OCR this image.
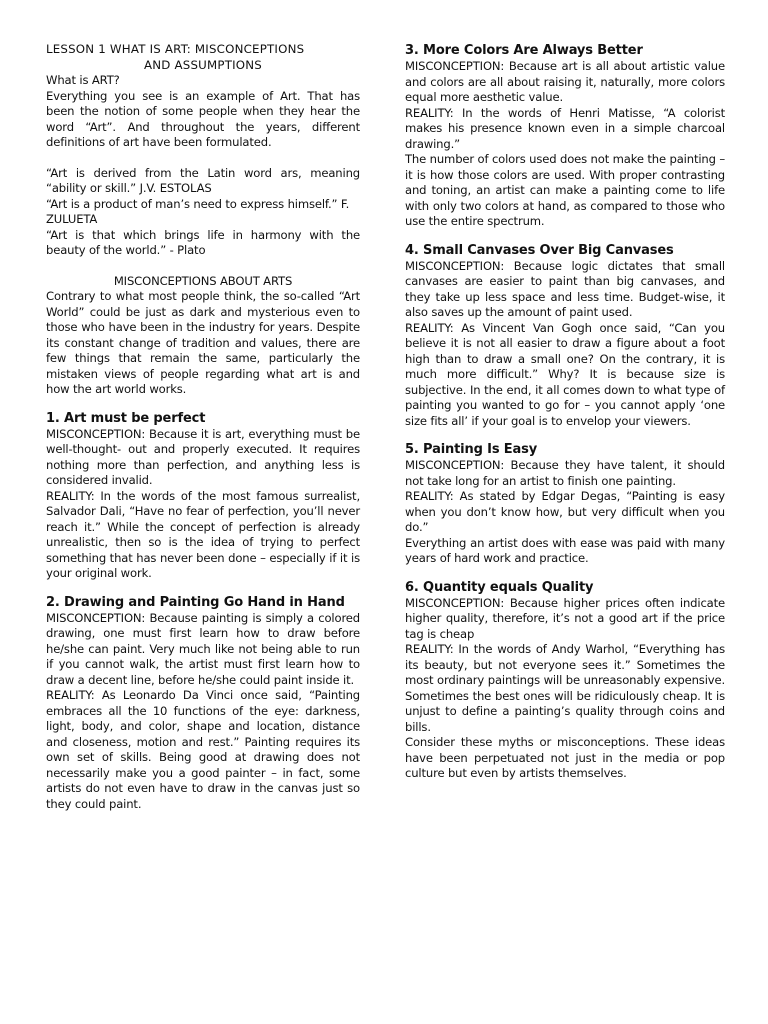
LESSON 1 WHAT IS ART: MISCONCEPTIONS
AND ASSUMPTIONS

What is ART?

Everything you see is an example of Art. That has been the notion of some people when they hear the word “Art”. And throughout the years, different definitions of art have been formulated.

“Art is derived from the Latin word ars, meaning “ability or skill.” J.V. ESTOLAS

“Art is a product of man’s need to express himself.” F. ZULUETA

“Art is that which brings life in harmony with the beauty of the world.” - Plato

MISCONCEPTIONS ABOUT ARTS

Contrary to what most people think, the so-called “Art World” could be just as dark and mysterious even to those who have been in the industry for years. Despite its constant change of tradition and values, there are few things that remain the same, particularly the mistaken views of people regarding what art is and how the art world works.

1. Art must be perfect

MISCONCEPTION: Because it is art, everything must be well-thought- out and properly executed. It requires nothing more than perfection, and anything less is considered invalid.

REALITY: In the words of the most famous surrealist, Salvador Dali, “Have no fear of perfection, you’ll never reach it.” While the concept of perfection is already unrealistic, then so is the idea of trying to perfect something that has never been done – especially if it is your original work.

2. Drawing and Painting Go Hand in Hand

MISCONCEPTION: Because painting is simply a colored drawing, one must first learn how to draw before he/she can paint. Very much like not being able to run if you cannot walk, the artist must first learn how to draw a decent line, before he/she could paint inside it.

REALITY: As Leonardo Da Vinci once said, “Painting embraces all the 10 functions of the eye: darkness, light, body, and color, shape and location, distance and closeness, motion and rest.” Painting requires its own set of skills. Being good at drawing does not necessarily make you a good painter – in fact, some artists do not even have to draw in the canvas just so they could paint.

3. More Colors Are Always Better

MISCONCEPTION: Because art is all about artistic value and colors are all about raising it, naturally, more colors equal more aesthetic value.

REALITY: In the words of Henri Matisse, “A colorist makes his presence known even in a simple charcoal drawing.”

The number of colors used does not make the painting – it is how those colors are used. With proper contrasting and toning, an artist can make a painting come to life with only two colors at hand, as compared to those who use the entire spectrum.

4. Small Canvases Over Big Canvases

MISCONCEPTION: Because logic dictates that small canvases are easier to paint than big canvases, and they take up less space and less time. Budget-wise, it also saves up the amount of paint used.

REALITY: As Vincent Van Gogh once said, “Can you believe it is not all easier to draw a figure about a foot high than to draw a small one? On the contrary, it is much more difficult.” Why? It is because size is subjective. In the end, it all comes down to what type of painting you wanted to go for – you cannot apply ‘one size fits all’ if your goal is to envelop your viewers.

5. Painting Is Easy

MISCONCEPTION: Because they have talent, it should not take long for an artist to finish one painting.

REALITY: As stated by Edgar Degas, “Painting is easy when you don’t know how, but very difficult when you do.”

Everything an artist does with ease was paid with many years of hard work and practice.

6. Quantity equals Quality

MISCONCEPTION: Because higher prices often indicate higher quality, therefore, it’s not a good art if the price tag is cheap

REALITY: In the words of Andy Warhol, “Everything has its beauty, but not everyone sees it.” Sometimes the most ordinary paintings will be unreasonably expensive. Sometimes the best ones will be ridiculously cheap. It is unjust to define a painting’s quality through coins and bills.

Consider these myths or misconceptions. These ideas have been perpetuated not just in the media or pop culture but even by artists themselves.
